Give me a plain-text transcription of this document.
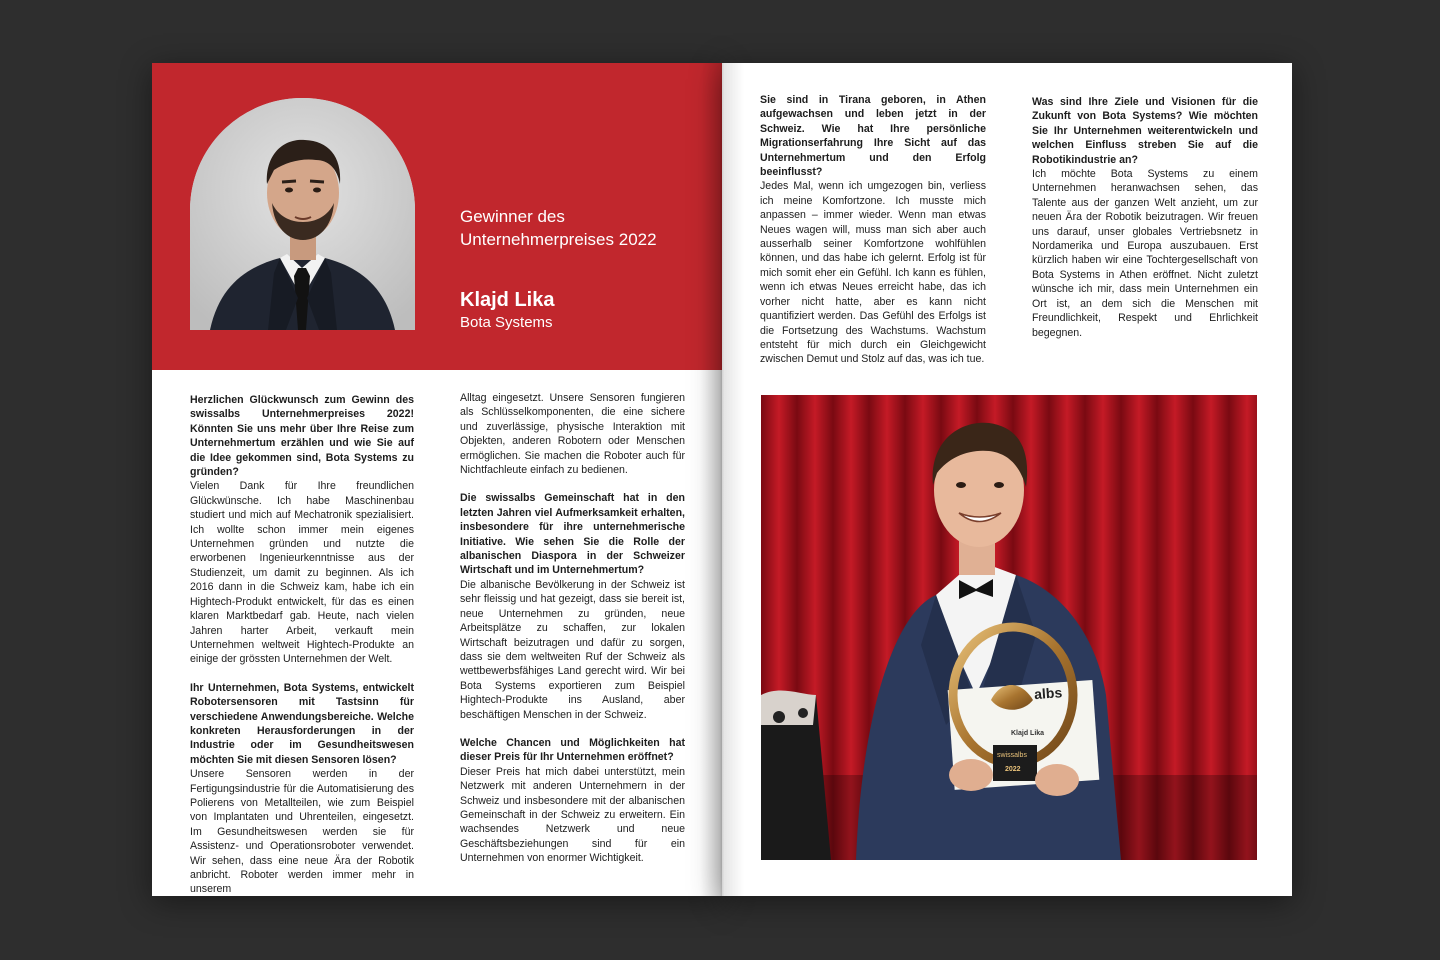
Gewinner des
Unternehmerpreises 2022
Klajd Lika
Bota Systems

Herzlichen Glückwunsch zum Gewinn des swissalbs Unternehmerpreises 2022! Könnten Sie uns mehr über Ihre Reise zum Unternehmertum erzählen und wie Sie auf die Idee gekommen sind, Bota Systems zu gründen?

Vielen Dank für Ihre freundlichen Glückwünsche. Ich habe Maschinenbau studiert und mich auf Mechatronik spezialisiert. Ich wollte schon immer mein eigenes Unternehmen gründen und nutzte die erworbenen Ingenieurkenntnisse aus der Studienzeit, um damit zu beginnen. Als ich 2016 dann in die Schweiz kam, habe ich ein Hightech-Produkt entwickelt, für das es einen klaren Marktbedarf gab. Heute, nach vielen Jahren harter Arbeit, verkauft mein Unternehmen weltweit Hightech-Produkte an einige der grössten Unternehmen der Welt.

Ihr Unternehmen, Bota Systems, entwickelt Robotersensoren mit Tastsinn für verschiedene Anwendungsbereiche. Welche konkreten Herausforderungen in der Industrie oder im Gesundheitswesen möchten Sie mit diesen Sensoren lösen?

Unsere Sensoren werden in der Fertigungsindustrie für die Automatisierung des Polierens von Metallteilen, wie zum Beispiel von Implantaten und Uhrenteilen, eingesetzt. Im Gesundheitswesen werden sie für Assistenz- und Operationsroboter verwendet. Wir sehen, dass eine neue Ära der Robotik anbricht. Roboter werden immer mehr in unserem

Alltag eingesetzt. Unsere Sensoren fungieren als Schlüsselkomponenten, die eine sichere und zuverlässige, physische Interaktion mit Objekten, anderen Robotern oder Menschen ermöglichen. Sie machen die Roboter auch für Nichtfachleute einfach zu bedienen.

Die swissalbs Gemeinschaft hat in den letzten Jahren viel Aufmerksamkeit erhalten, insbesondere für ihre unternehmerische Initiative. Wie sehen Sie die Rolle der albanischen Diaspora in der Schweizer Wirtschaft und im Unternehmertum?

Die albanische Bevölkerung in der Schweiz ist sehr fleissig und hat gezeigt, dass sie bereit ist, neue Unternehmen zu gründen, neue Arbeitsplätze zu schaffen, zur lokalen Wirtschaft beizutragen und dafür zu sorgen, dass sie dem weltweiten Ruf der Schweiz als wettbewerbsfähiges Land gerecht wird. Wir bei Bota Systems exportieren zum Beispiel Hightech-Produkte ins Ausland, aber beschäftigen Menschen in der Schweiz.

Welche Chancen und Möglichkeiten hat dieser Preis für Ihr Unternehmen eröffnet?

Dieser Preis hat mich dabei unterstützt, mein Netzwerk mit anderen Unternehmern in der Schweiz und insbesondere mit der albanischen Gemeinschaft in der Schweiz zu erweitern. Ein wachsendes Netzwerk und neue Geschäftsbeziehungen sind für ein Unternehmen von enormer Wichtigkeit.

Sie sind in Tirana geboren, in Athen aufgewachsen und leben jetzt in der Schweiz. Wie hat Ihre persönliche Migrationserfahrung Ihre Sicht auf das Unternehmertum und den Erfolg beeinflusst?

Jedes Mal, wenn ich umgezogen bin, verliess ich meine Komfortzone. Ich musste mich anpassen – immer wieder. Wenn man etwas Neues wagen will, muss man sich aber auch ausserhalb seiner Komfortzone wohlfühlen können, und das habe ich gelernt. Erfolg ist für mich somit eher ein Gefühl. Ich kann es fühlen, wenn ich etwas Neues erreicht habe, das ich vorher nicht hatte, aber es kann nicht quantifiziert werden. Das Gefühl des Erfolgs ist die Fortsetzung des Wachstums. Wachstum entsteht für mich durch ein Gleichgewicht zwischen Demut und Stolz auf das, was ich tue.

Was sind Ihre Ziele und Visionen für die Zukunft von Bota Systems? Wie möchten Sie Ihr Unternehmen weiterentwickeln und welchen Einfluss streben Sie auf die Robotikindustrie an?

Ich möchte Bota Systems zu einem Unternehmen heranwachsen sehen, das Talente aus der ganzen Welt anzieht, um zur neuen Ära der Robotik beizutragen. Wir freuen uns darauf, unser globales Vertriebsnetz in Nordamerika und Europa auszubauen. Erst kürzlich haben wir eine Tochtergesellschaft von Bota Systems in Athen eröffnet. Nicht zuletzt wünsche ich mir, dass mein Unternehmen ein Ort ist, an dem sich die Menschen mit Freundlichkeit, Respekt und Ehrlichkeit begegnen.

albs
swissalbs
2022
Klajd Lika
